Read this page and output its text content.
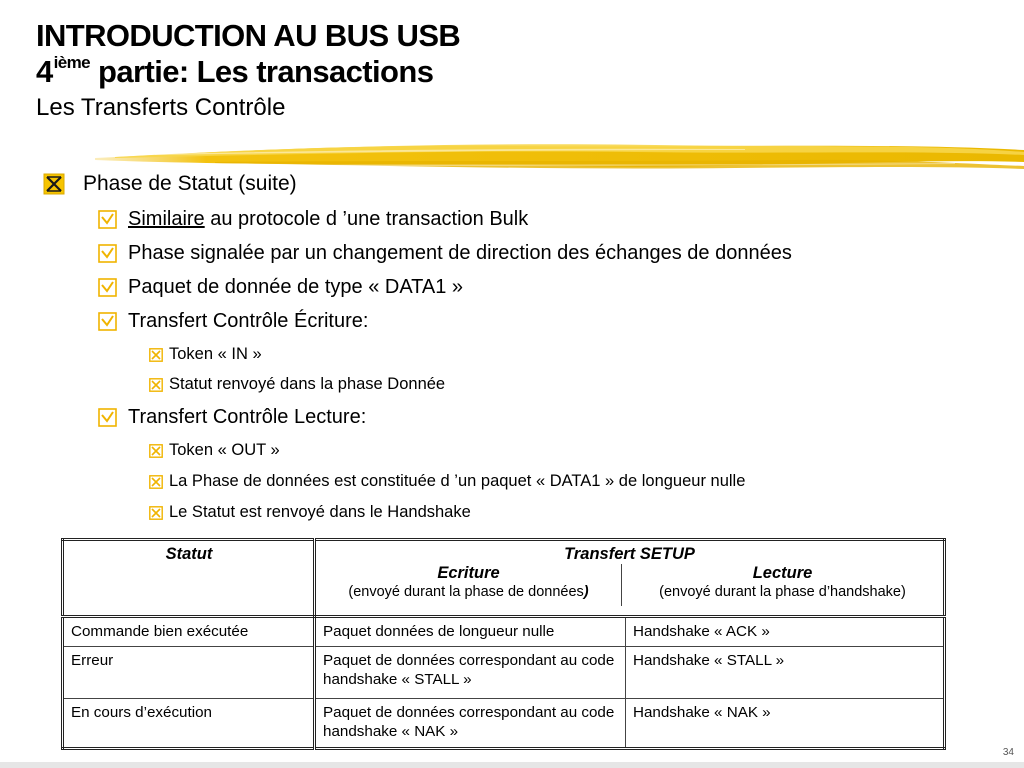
INTRODUCTION AU BUS USB
4ième partie: Les transactions
Les Transferts Contrôle
Phase de Statut (suite)
Similaire au protocole d ’une transaction Bulk
Phase signalée par un changement de direction des échanges de données
Paquet de donnée de type « DATA1 »
Transfert Contrôle Écriture:
Token « IN »
Statut renvoyé dans la phase Donnée
Transfert Contrôle Lecture:
Token « OUT »
La Phase de données est constituée d ’un paquet « DATA1 » de longueur nulle
Le Statut est renvoyé dans le Handshake
Statut	Transfert SETUP
Ecriture
(envoyé durant la phase de données)
Lecture
(envoyé durant la phase d’handshake)	

Commande bien exécutée	Paquet données de longueur nulle	Handshake « ACK »
Erreur	Paquet de données correspondant au code handshake « STALL »	Handshake « STALL »
En cours d’exécution	Paquet de données correspondant au code handshake « NAK »	Handshake « NAK »
34
